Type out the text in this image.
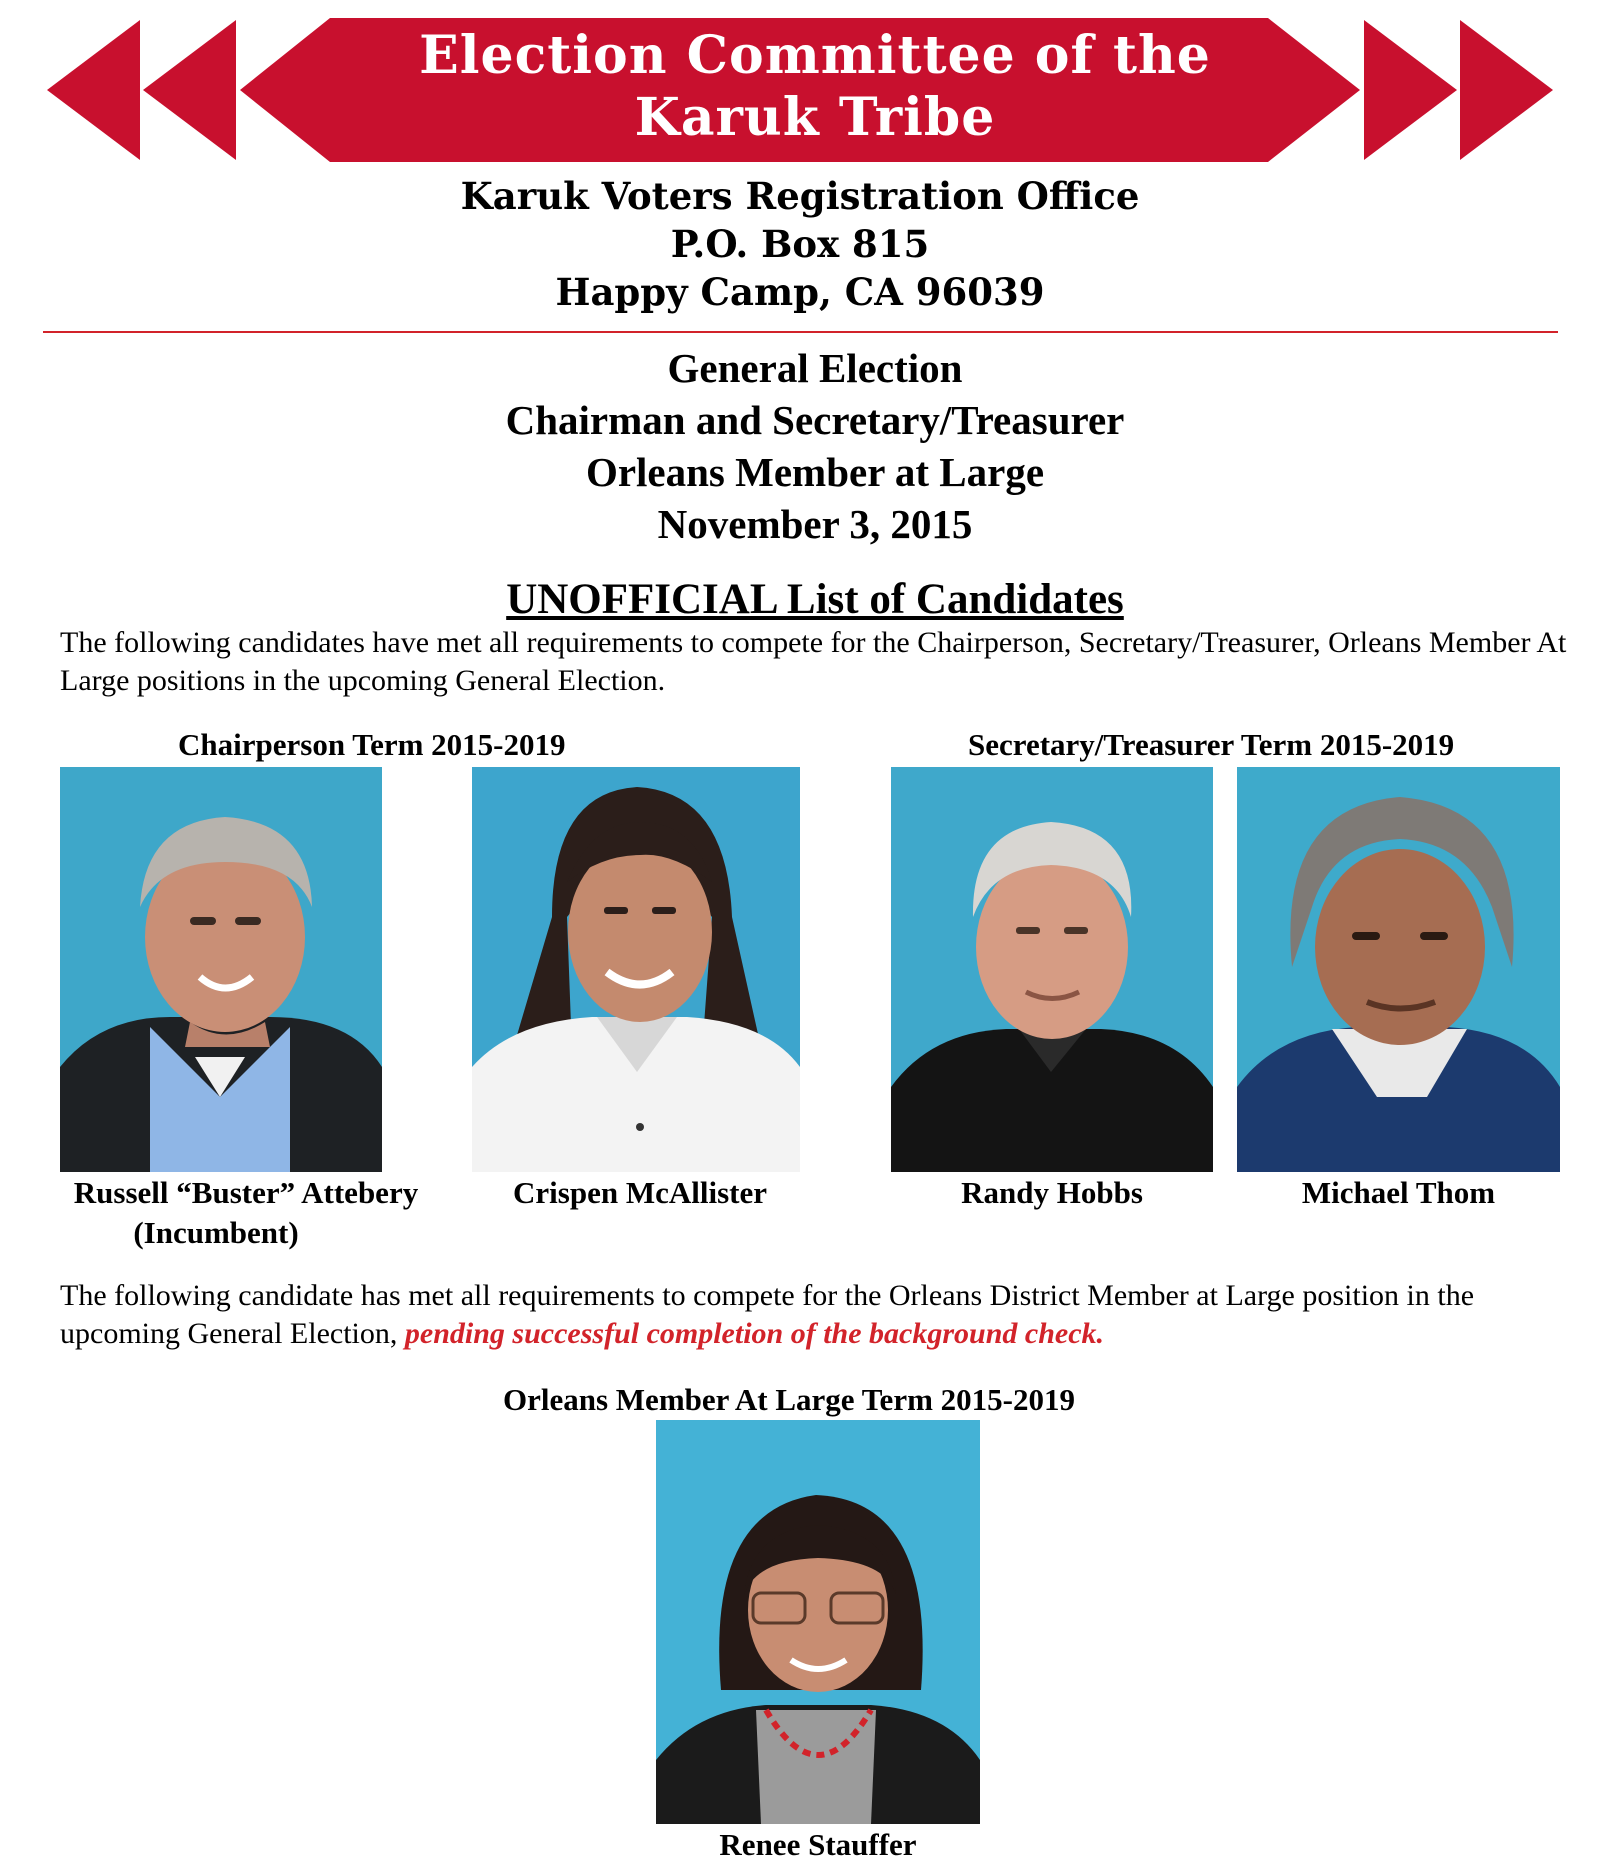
Election Committee of the
Karuk Tribe
Karuk Voters Registration Office
P.O. Box 815
Happy Camp, CA 96039
General Election
Chairman and Secretary/Treasurer
Orleans Member at Large
November 3, 2015
UNOFFICIAL List of Candidates
The following candidates have met all requirements to compete for the Chairperson, Secretary/Treasurer, Orleans Member At Large positions in the upcoming General Election.
Chairperson Term 2015-2019	Secretary/Treasurer Term 2015-2019
Russell “Buster” Attebery
(Incumbent)
Crispen McAllister	Randy Hobbs	Michael Thom
The following candidate has met all requirements to compete for the Orleans District Member at Large position in the upcoming General Election, pending successful completion of the background check.
Orleans Member At Large Term 2015-2019
Renee Stauffer
